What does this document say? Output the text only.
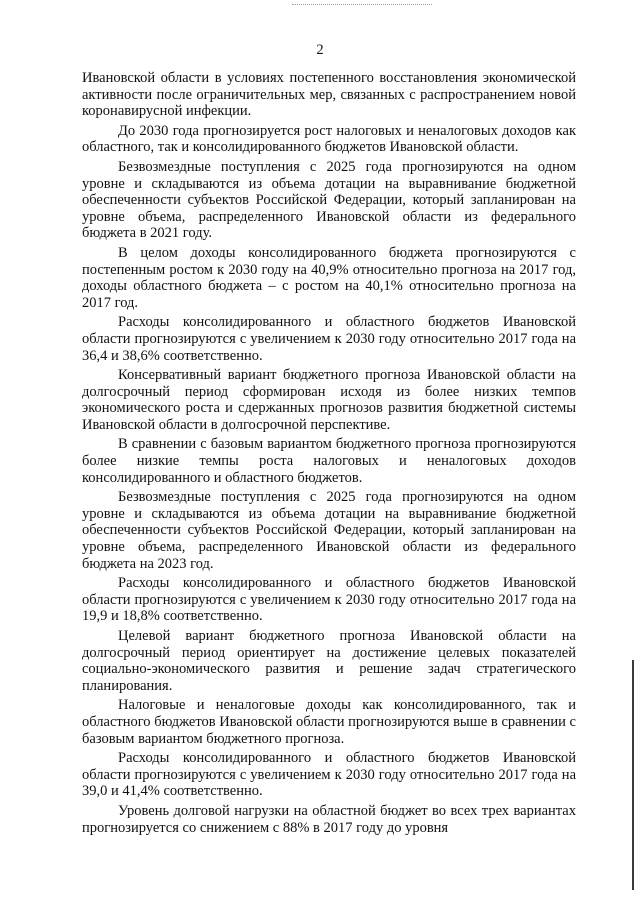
2

Ивановской области в условиях постепенного восстановления экономической активности после ограничительных мер, связанных с распространением новой коронавирусной инфекции.

До 2030 года прогнозируется рост налоговых и неналоговых доходов как областного, так и консолидированного бюджетов Ивановской области.

Безвозмездные поступления с 2025 года прогнозируются на одном уровне и складываются из объема дотации на выравнивание бюджетной обеспеченности субъектов Российской Федерации, который запланирован на уровне объема, распределенного Ивановской области из федерального бюджета в 2021 году.

В целом доходы консолидированного бюджета прогнозируются с постепенным ростом к 2030 году на 40,9% относительно прогноза на 2017 год, доходы областного бюджета – с ростом на 40,1% относительно прогноза на 2017 год.

Расходы консолидированного и областного бюджетов Ивановской области прогнозируются с увеличением к 2030 году относительно 2017 года на 36,4 и 38,6% соответственно.

Консервативный вариант бюджетного прогноза Ивановской области на долгосрочный период сформирован исходя из более низких темпов экономического роста и сдержанных прогнозов развития бюджетной системы Ивановской области в долгосрочной перспективе.

В сравнении с базовым вариантом бюджетного прогноза прогнозируются более низкие темпы роста налоговых и неналоговых доходов консолидированного и областного бюджетов.

Безвозмездные поступления с 2025 года прогнозируются на одном уровне и складываются из объема дотации на выравнивание бюджетной обеспеченности субъектов Российской Федерации, который запланирован на уровне объема, распределенного Ивановской области из федерального бюджета на 2023 год.

Расходы консолидированного и областного бюджетов Ивановской области прогнозируются с увеличением к 2030 году относительно 2017 года на 19,9 и 18,8% соответственно.

Целевой вариант бюджетного прогноза Ивановской области на долгосрочный период ориентирует на достижение целевых показателей социально-экономического развития и решение задач стратегического планирования.

Налоговые и неналоговые доходы как консолидированного, так и областного бюджетов Ивановской области прогнозируются выше в сравнении с базовым вариантом бюджетного прогноза.

Расходы консолидированного и областного бюджетов Ивановской области прогнозируются с увеличением к 2030 году относительно 2017 года на 39,0 и 41,4% соответственно.

Уровень долговой нагрузки на областной бюджет во всех трех вариантах прогнозируется со снижением с 88% в 2017 году до уровня
